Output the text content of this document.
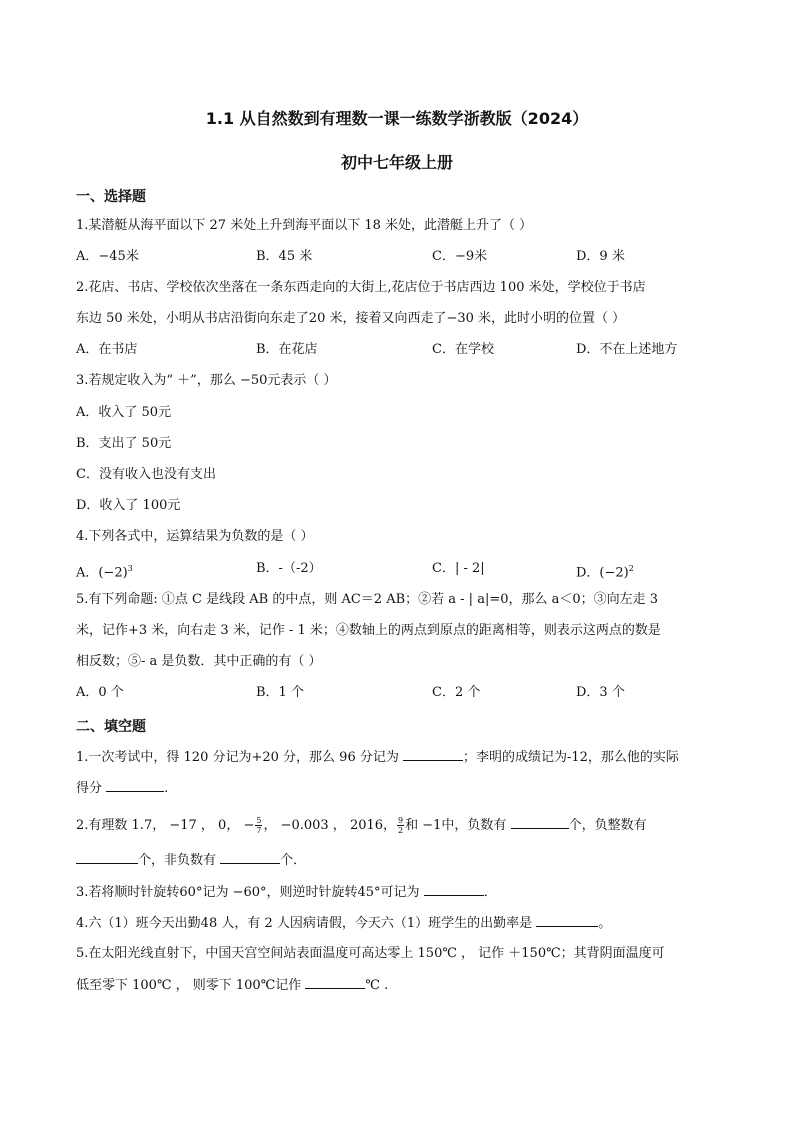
1.1 从自然数到有理数一课一练数学浙教版（2024）
初中七年级上册
一、选择题
1.某潜艇从海平面以下 27 米处上升到海平面以下 18 米处，此潜艇上升了（ ）
A．−45米	B．45 米	C．−9米	D．9 米
2.花店、书店、学校依次坐落在一条东西走向的大街上,花店位于书店西边 100 米处，学校位于书店
东边 50 米处，小明从书店沿街向东走了20 米，接着又向西走了−30 米，此时小明的位置（ ）
A．在书店	B．在花店	C．在学校	D．不在上述地方
3.若规定收入为“ ＋”，那么 −50元表示（ ）
A．收入了 50元
B．支出了 50元
C．没有收入也没有支出
D．收入了 100元
4.下列各式中，运算结果为负数的是（ ）
A．$(-2)^3$	B．-（-2）	C．| - 2|	D．$(-2)^2$
5.有下列命题: ①点 C 是线段 AB 的中点，则 AC＝2 AB；②若 a - | a|=0，那么 a＜0；③向左走 3
米，记作+3 米，向右走 3 米，记作 - 1 米；④数轴上的两点到原点的距离相等，则表示这两点的数是
相反数；⑤- a 是负数．其中正确的有（ ）
A．0 个	B．1 个	C．2 个	D．3 个
二、填空题
1.一次考试中，得 120 分记为+20 分，那么 96 分记为	；李明的成绩记为-12，那么他的实际
得分	.
2.有理数 1.7， −17 ， 0， − $\frac{5}{7}$ ， −0.003 ， 2016， $\frac{9}{2}$ 和 −1中，负数有	个，负整数有
个，非负数有	个．
3.若将顺时针旋转60°记为 −60°，则逆时针旋转45°可记为	．
4.六（1）班今天出勤48 人，有 2 人因病请假，今天六（1）班学生的出勤率是	。
5.在太阳光线直射下，中国天宫空间站表面温度可高达零上 150℃ ， 记作 ＋150℃；其背阴面温度可
低至零下 100℃ ， 则零下 100℃记作	℃ .
